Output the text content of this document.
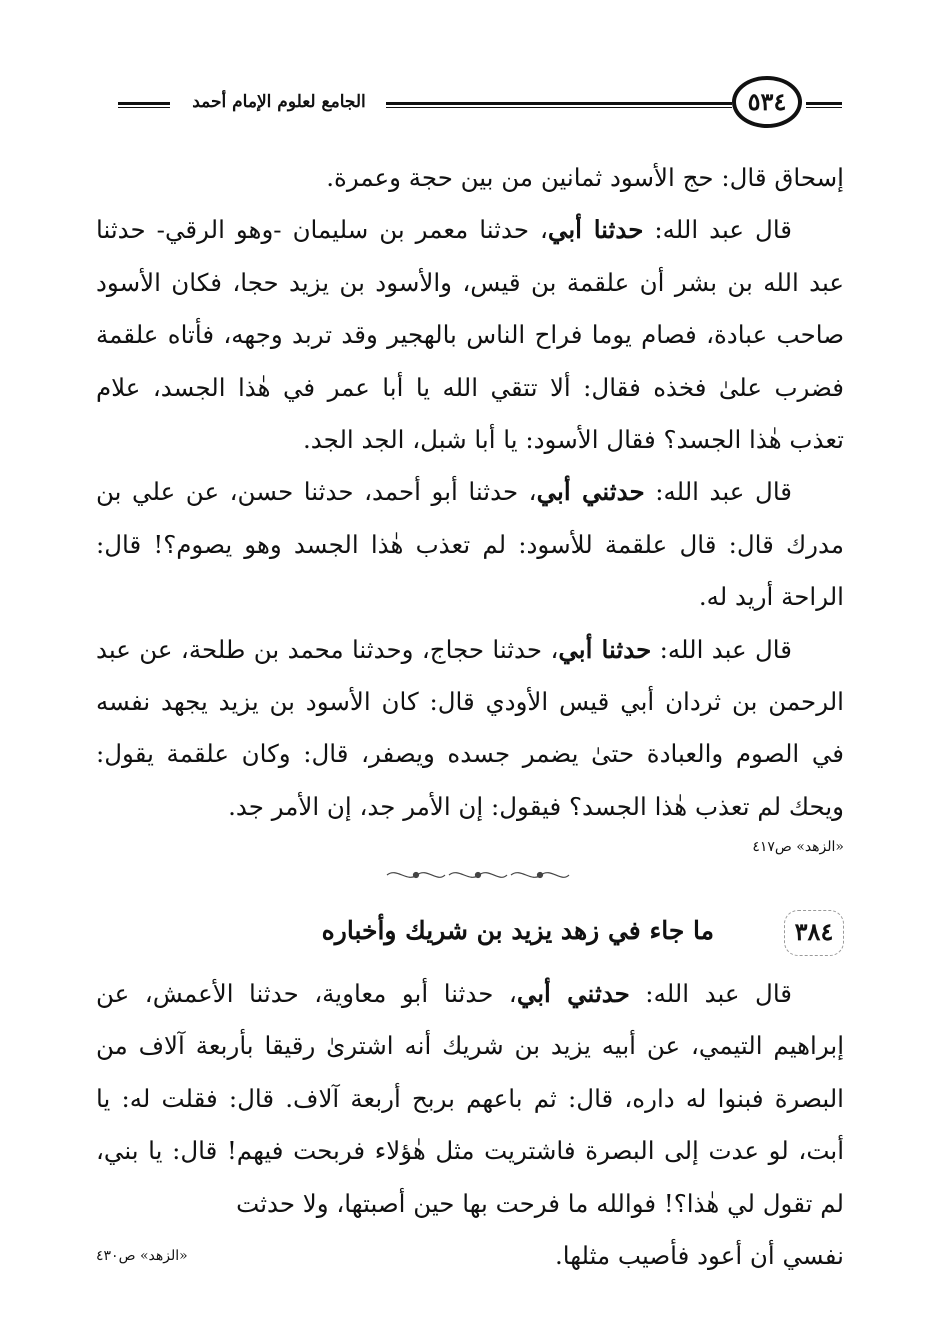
الجامع لعلوم الإمام أحمد	٥٣٤

إسحاق قال: حج الأسود ثمانين من بين حجة وعمرة.

قال عبد الله: حدثنا أبي، حدثنا معمر بن سليمان -وهو الرقي- حدثنا عبد الله بن بشر أن علقمة بن قيس، والأسود بن يزيد حجا، فكان الأسود صاحب عبادة، فصام يوما فراح الناس بالهجير وقد تربد وجهه، فأتاه علقمة فضرب علىٰ فخذه فقال: ألا تتقي الله يا أبا عمر في هٰذا الجسد، علام تعذب هٰذا الجسد؟ فقال الأسود: يا أبا شبل، الجد الجد.

قال عبد الله: حدثني أبي، حدثنا أبو أحمد، حدثنا حسن، عن علي بن مدرك قال: قال علقمة للأسود: لم تعذب هٰذا الجسد وهو يصوم؟! قال: الراحة أريد له.

قال عبد الله: حدثنا أبي، حدثنا حجاج، وحدثنا محمد بن طلحة، عن عبد الرحمن بن ثردان أبي قيس الأودي قال: كان الأسود بن يزيد يجهد نفسه في الصوم والعبادة حتىٰ يضمر جسده ويصفر، قال: وكان علقمة يقول: ويحك لم تعذب هٰذا الجسد؟ فيقول: إن الأمر جد، إن الأمر جد.

«الزهد» ص٤١٧

٣٨٤
ما جاء في زهد يزيد بن شريك وأخباره

قال عبد الله: حدثني أبي، حدثنا أبو معاوية، حدثنا الأعمش، عن إبراهيم التيمي، عن أبيه يزيد بن شريك أنه اشترىٰ رقيقا بأربعة آلاف من البصرة فبنوا له داره، قال: ثم باعهم بربح أربعة آلاف. قال: فقلت له: يا أبت، لو عدت إلى البصرة فاشتريت مثل هٰؤلاء فربحت فيهم! قال: يا بني، لم تقول لي هٰذا؟! فوالله ما فرحت بها حين أصبتها، ولا حدثت

نفسي أن أعود فأصيب مثلها.
«الزهد» ص٤٣٠
